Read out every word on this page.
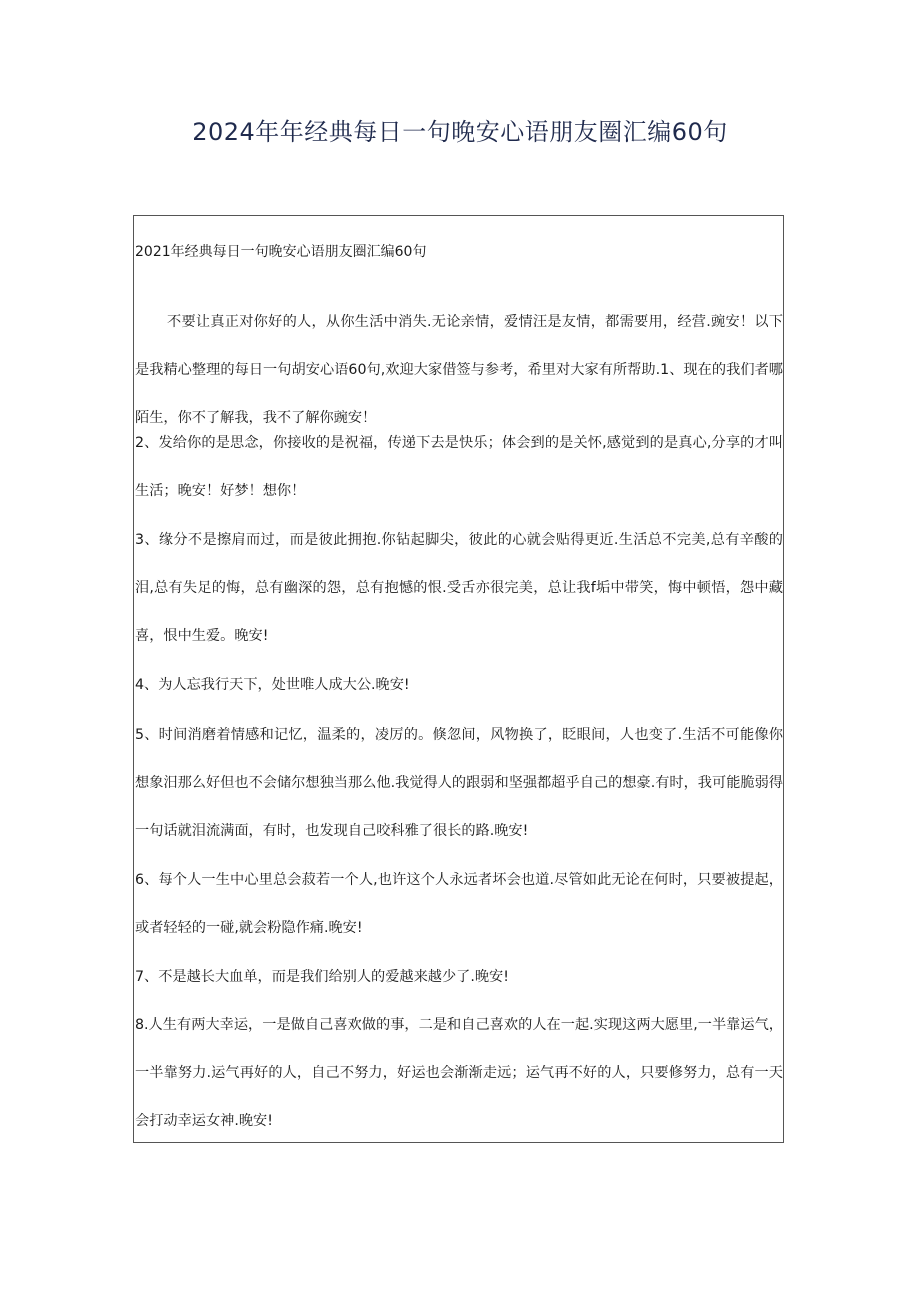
2024年年经典每日一句晚安心语朋友圈汇编60句
2021年经典每日一句晚安心语朋友圈汇编60句

不要让真正对你好的人，从你生活中消失.无论亲情，爱情汪是友情，都需要用，经营.豌安！以下是我精心整理的每日一句胡安心语60句,欢迎大家借签与参考，希里对大家有所帮助.1、现在的我们者哪陌生，你不了解我，我不了解你豌安！

2、发给你的是思念，你接收的是祝福，传递下去是快乐；体会到的是关怀,感觉到的是真心,分享的才叫生活；晚安！好梦！想你！

3、缘分不是擦肩而过，而是彼此拥抱.你钻起脚尖，彼此的心就会贴得更近.生活总不完美,总有辛酸的泪,总有失足的悔，总有幽深的怨，总有抱憾的恨.受舌亦很完美，总让我f垢中带笑，悔中顿悟，怨中藏喜，恨中生爱。晚安!

4、为人忘我行天下，处世唯人成大公.晚安!

5、时间消磨着情感和记忆，温柔的，凌厉的。倏忽间，风物换了，眨眼间，人也变了.生活不可能像你想象汨那么好但也不会储尔想独当那么他.我觉得人的跟弱和坚强都超乎自己的想豪.有时，我可能脆弱得一句话就泪流满面，有时，也发现自己咬科雅了很长的路.晚安!

6、每个人一生中心里总会菽若一个人,也许这个人永远者坏会也道.尽管如此无论在何时，只要被提起，或者轻轻的一碰,就会粉隐作痛.晚安!

7、不是越长大血单，而是我们给别人的爱越来越少了.晚安!

8.人生有两大幸运，一是做自己喜欢做的事，二是和自己喜欢的人在一起.实现这两大愿里,一半靠运气，一半靠努力.运气再好的人，自己不努力，好运也会渐渐走远；运气再不好的人，只要修努力，总有一天会打动幸运女神.晚安!
